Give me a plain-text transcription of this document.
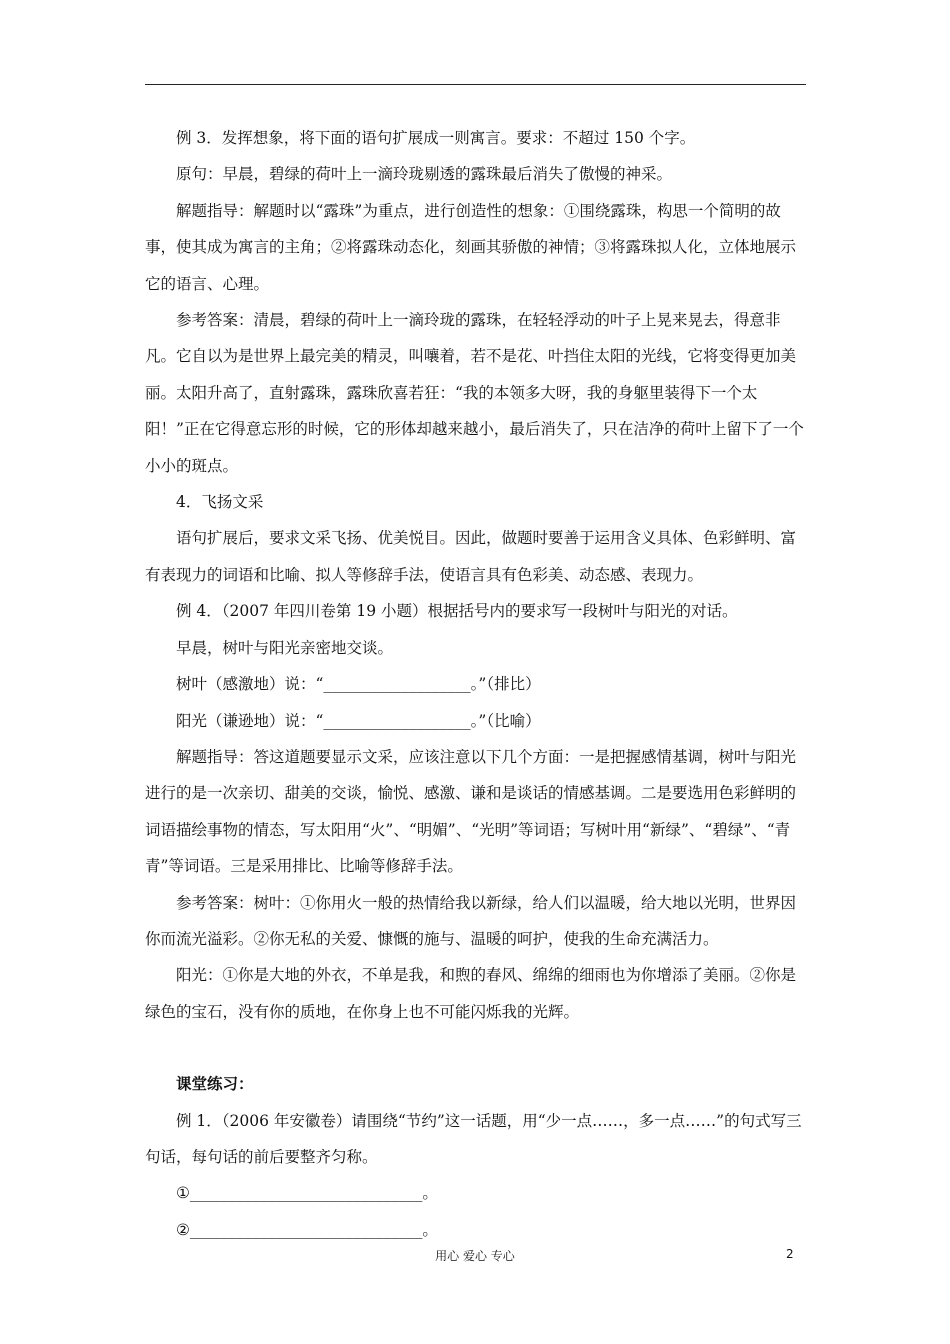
例 3．发挥想象，将下面的语句扩展成一则寓言。要求：不超过 150 个字。

原句：早晨，碧绿的荷叶上一滴玲珑剔透的露珠最后消失了傲慢的神采。

解题指导：解题时以“露珠”为重点，进行创造性的想象：①围绕露珠，构思一个简明的故事，使其成为寓言的主角；②将露珠动态化，刻画其骄傲的神情；③将露珠拟人化，立体地展示它的语言、心理。

参考答案：清晨，碧绿的荷叶上一滴玲珑的露珠，在轻轻浮动的叶子上晃来晃去，得意非凡。它自以为是世界上最完美的精灵，叫嚷着，若不是花、叶挡住太阳的光线，它将变得更加美丽。太阳升高了，直射露珠，露珠欣喜若狂：“我的本领多大呀，我的身躯里装得下一个太阳！”正在它得意忘形的时候，它的形体却越来越小，最后消失了，只在洁净的荷叶上留下了一个小小的斑点。

4．飞扬文采

语句扩展后，要求文采飞扬、优美悦目。因此，做题时要善于运用含义具体、色彩鲜明、富有表现力的词语和比喻、拟人等修辞手法，使语言具有色彩美、动态感、表现力。

例 4．（2007 年四川卷第 19 小题）根据括号内的要求写一段树叶与阳光的对话。

早晨，树叶与阳光亲密地交谈。

树叶（感激地）说：“___________________。”（排比）

阳光（谦逊地）说：“___________________。”（比喻）

解题指导：答这道题要显示文采，应该注意以下几个方面：一是把握感情基调，树叶与阳光进行的是一次亲切、甜美的交谈，愉悦、感激、谦和是谈话的情感基调。二是要选用色彩鲜明的词语描绘事物的情态，写太阳用“火”、“明媚”、“光明”等词语；写树叶用“新绿”、“碧绿”、“青青”等词语。三是采用排比、比喻等修辞手法。

参考答案：树叶：①你用火一般的热情给我以新绿，给人们以温暖，给大地以光明，世界因你而流光溢彩。②你无私的关爱、慷慨的施与、温暖的呵护，使我的生命充满活力。

阳光：①你是大地的外衣，不单是我，和煦的春风、绵绵的细雨也为你增添了美丽。②你是绿色的宝石，没有你的质地，在你身上也不可能闪烁我的光辉。

课堂练习：

例 1．（2006 年安徽卷）请围绕“节约”这一话题，用“少一点……，多一点……”的句式写三句话，每句话的前后要整齐匀称。

①______________________________。

②______________________________。

用心 爱心 专心	2
